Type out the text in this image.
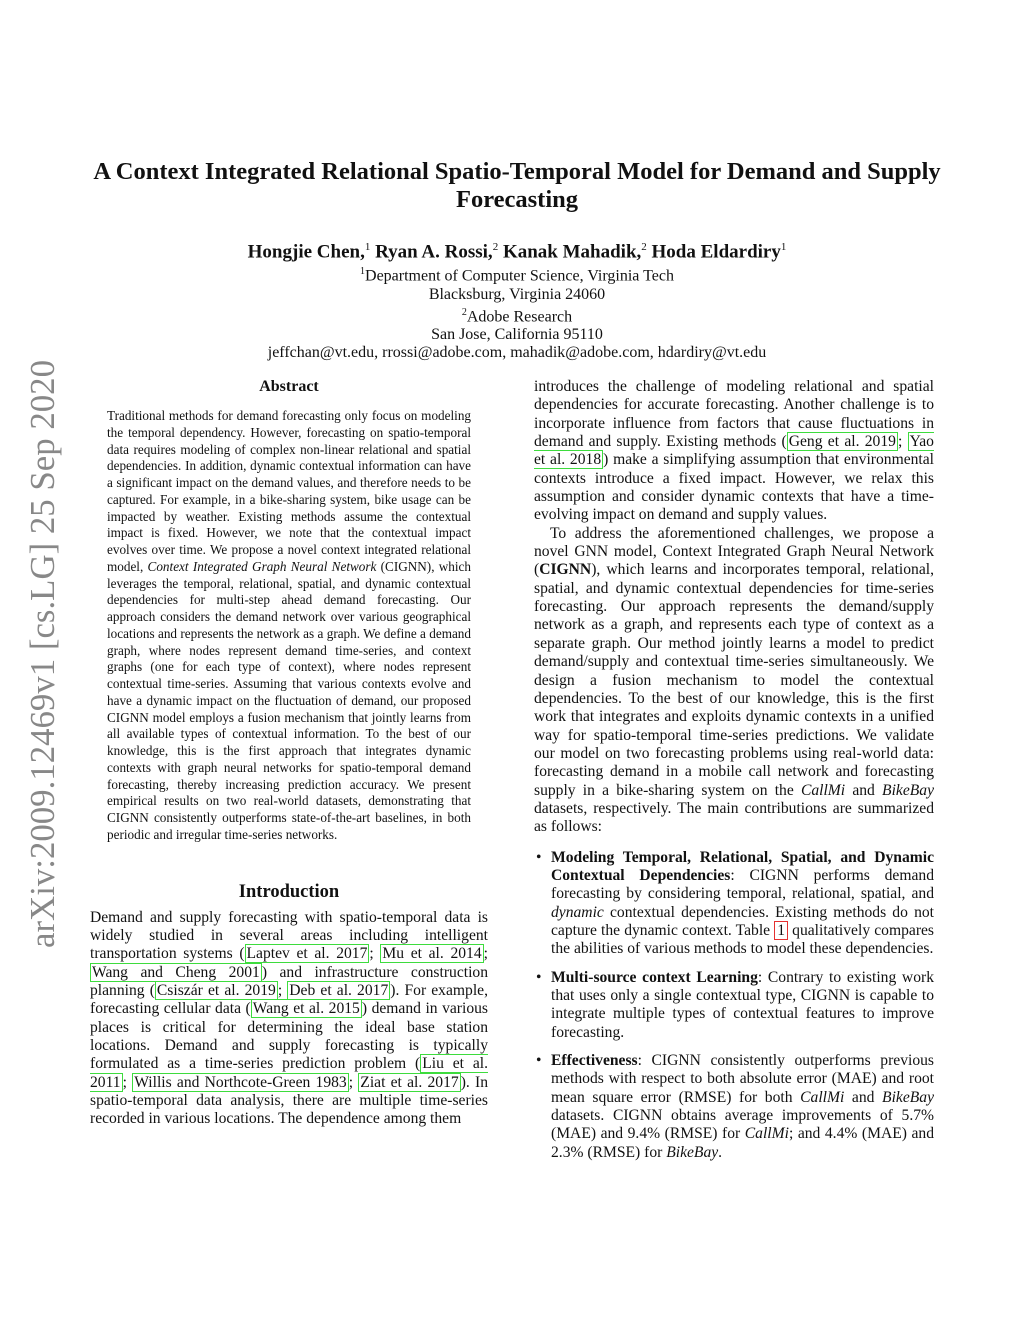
arXiv:2009.12469v1 [cs.LG] 25 Sep 2020
A Context Integrated Relational Spatio-Temporal Model for Demand and Supply Forecasting
Hongjie Chen,$^1$ Ryan A. Rossi,$^2$ Kanak Mahadik,$^2$ Hoda Eldardiry$^1$
$^1$Department of Computer Science, Virginia Tech
Blacksburg, Virginia 24060
$^2$Adobe Research
San Jose, California 95110
jeffchan@vt.edu, rrossi@adobe.com, mahadik@adobe.com, hdardiry@vt.edu
Abstract

Traditional methods for demand forecasting only focus on modeling the temporal dependency. However, forecasting on spatio-temporal data requires modeling of complex non-linear relational and spatial dependencies. In addition, dynamic contextual information can have a significant impact on the demand values, and therefore needs to be captured. For example, in a bike-sharing system, bike usage can be impacted by weather. Existing methods assume the contextual impact is fixed. However, we note that the contextual impact evolves over time. We propose a novel context integrated relational model, Context Integrated Graph Neural Network (CIGNN), which leverages the temporal, relational, spatial, and dynamic contextual dependencies for multi-step ahead demand forecasting. Our approach considers the demand network over various geographical locations and represents the network as a graph. We define a demand graph, where nodes represent demand time-series, and context graphs (one for each type of context), where nodes represent contextual time-series. Assuming that various contexts evolve and have a dynamic impact on the fluctuation of demand, our proposed CIGNN model employs a fusion mechanism that jointly learns from all available types of contextual information. To the best of our knowledge, this is the first approach that integrates dynamic contexts with graph neural networks for spatio-temporal demand forecasting, thereby increasing prediction accuracy. We present empirical results on two real-world datasets, demonstrating that CIGNN consistently outperforms state-of-the-art baselines, in both periodic and irregular time-series networks.

Introduction

Demand and supply forecasting with spatio-temporal data is widely studied in several areas including intelligent transportation systems ( Laptev et al. 2017 ; Mu et al. 2014 ; Wang and Cheng 2001 ) and infrastructure construction planning ( Csiszár et al. 2019 ; Deb et al. 2017 ). For example, forecasting cellular data ( Wang et al. 2015 ) demand in various places is critical for determining the ideal base station locations. Demand and supply forecasting is typically formulated as a time-series prediction problem ( Liu et al. 2011 ; Willis and Northcote-Green 1983 ; Ziat et al. 2017 ). In spatio-temporal data analysis, there are multiple time-series recorded in various locations. The dependence among them

introduces the challenge of modeling relational and spatial dependencies for accurate forecasting. Another challenge is to incorporate influence from factors that cause fluctuations in demand and supply. Existing methods ( Geng et al. 2019 ; Yao et al. 2018 ) make a simplifying assumption that environmental contexts introduce a fixed impact. However, we relax this assumption and consider dynamic contexts that have a time-evolving impact on demand and supply values.

To address the aforementioned challenges, we propose a novel GNN model, Context Integrated Graph Neural Network (CIGNN), which learns and incorporates temporal, relational, spatial, and dynamic contextual dependencies for time-series forecasting. Our approach represents the demand/supply network as a graph, and represents each type of context as a separate graph. Our method jointly learns a model to predict demand/supply and contextual time-series simultaneously. We design a fusion mechanism to model the contextual dependencies. To the best of our knowledge, this is the first work that integrates and exploits dynamic contexts in a unified way for spatio-temporal time-series predictions. We validate our model on two forecasting problems using real-world data: forecasting demand in a mobile call network and forecasting supply in a bike-sharing system on the CallMi and BikeBay datasets, respectively. The main contributions are summarized as follows:

• Modeling Temporal, Relational, Spatial, and Dynamic Contextual Dependencies: CIGNN performs demand forecasting by considering temporal, relational, spatial, and dynamic contextual dependencies. Existing methods do not capture the dynamic context. Table 1 qualitatively compares the abilities of various methods to model these dependencies.
• Multi-source context Learning: Contrary to existing work that uses only a single contextual type, CIGNN is capable to integrate multiple types of contextual features to improve forecasting.
• Effectiveness: CIGNN consistently outperforms previous methods with respect to both absolute error (MAE) and root mean square error (RMSE) for both CallMi and BikeBay datasets. CIGNN obtains average improvements of 5.7% (MAE) and 9.4% (RMSE) for CallMi; and 4.4% (MAE) and 2.3% (RMSE) for BikeBay.
